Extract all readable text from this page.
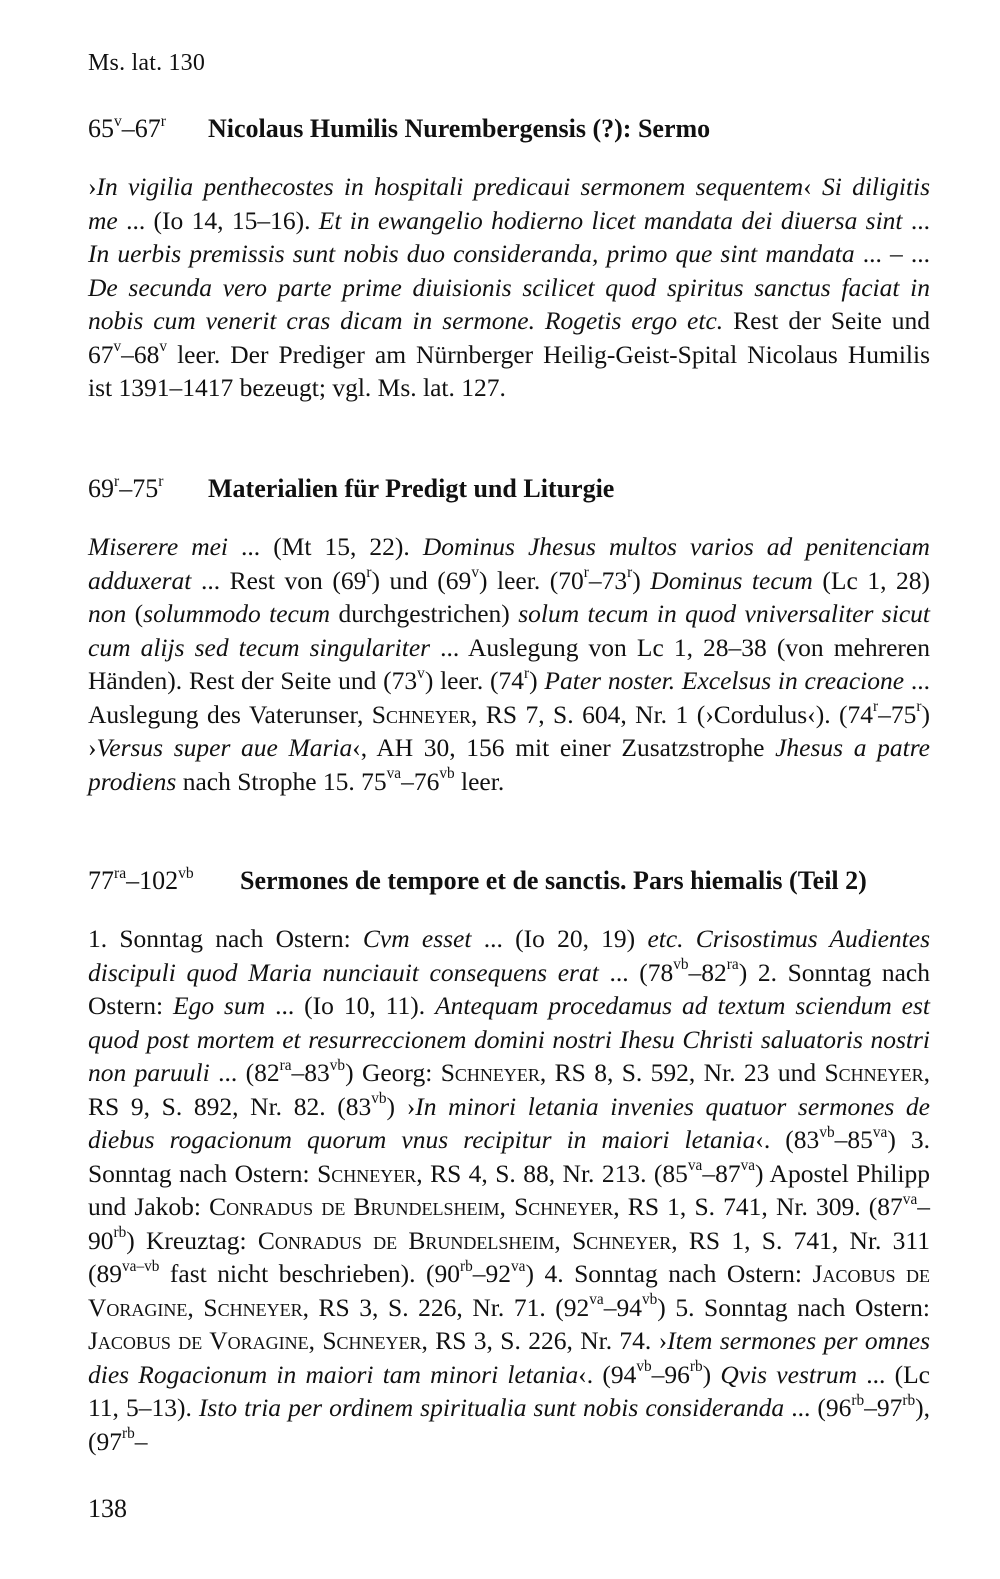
Ms. lat. 130
65$^v$–67$^r$ Nicolaus Humilis Nurembergensis (?): Sermo
›In vigilia penthecostes in hospitali predicaui sermonem sequentem‹ Si diligitis me ... (Io 14, 15–16). Et in ewangelio hodierno licet mandata dei diuersa sint ... In uerbis premissis sunt nobis duo consideranda, primo que sint mandata ... – ... De secunda vero parte prime diuisionis scilicet quod spiritus sanctus faciat in nobis cum venerit cras dicam in sermone. Rogetis ergo etc. Rest der Seite und 67$^v$–68$^v$ leer. Der Prediger am Nürnberger Heilig-Geist-Spital Nicolaus Humilis ist 1391–1417 bezeugt; vgl. Ms. lat. 127.
69$^r$–75$^r$ Materialien für Predigt und Liturgie
Miserere mei ... (Mt 15, 22). Dominus Jhesus multos varios ad penitenciam adduxerat ... Rest von (69$^r$) und (69$^v$) leer. (70$^r$–73$^r$) Dominus tecum (Lc 1, 28) non (solummodo tecum durchgestrichen) solum tecum in quod vniversaliter sicut cum alijs sed tecum singulariter ... Auslegung von Lc 1, 28–38 (von mehreren Händen). Rest der Seite und (73$^v$) leer. (74$^r$) Pater noster. Excelsus in creacione ... Auslegung des Vaterunser, Schneyer, RS 7, S. 604, Nr. 1 (›Cordulus‹). (74$^r$–75$^r$) ›Versus super aue Maria‹, AH 30, 156 mit einer Zusatzstrophe Jhesus a patre prodiens nach Strophe 15. $75^{va}-76^{vb}$ leer.
$77^{ra}-102^{vb}$ Sermones de tempore et de sanctis. Pars hiemalis (Teil 2)
1. Sonntag nach Ostern: Cvm esset ... (Io 20, 19) etc. Crisostimus Audientes discipuli quod Maria nunciauit consequens erat ... $(78^{vb}-82^{ra})$ 2. Sonntag nach Ostern: Ego sum ... (Io 10, 11). Antequam procedamus ad textum sciendum est quod post mortem et resurreccionem domini nostri Ihesu Christi saluatoris nostri non paruuli ... $(82^{ra}-83^{vb})$ Georg: Schneyer, RS 8, S. 592, Nr. 23 und Schneyer, RS 9, S. 892, Nr. 82. $(83^{vb})$ ›In minori letania invenies quatuor sermones de diebus rogacionum quorum vnus recipitur in maiori letania‹. $(83^{vb}-85^{va})$ 3. Sonntag nach Ostern: Schneyer, RS 4, S. 88, Nr. 213. $(85^{va}-87^{va})$ Apostel Philipp und Jakob: Conradus de Brundelsheim, Schneyer, RS 1, S. 741, Nr. 309. $(87^{va}-90^{rb})$ Kreuztag: Conradus de Brundelsheim, Schneyer, RS 1, S. 741, Nr. 311 ($89^{va-vb}$ fast nicht beschrieben). $(90^{rb}-92^{va})$ 4. Sonntag nach Ostern: Jacobus de Voragine, Schneyer, RS 3, S. 226, Nr. 71. $(92^{va}-94^{vb})$ 5. Sonntag nach Ostern: Jacobus de Voragine, Schneyer, RS 3, S. 226, Nr. 74. ›Item sermones per omnes dies Rogacionum in maiori tam minori letania‹. $(94^{vb}-96^{rb})$ Qvis vestrum ... (Lc 11, 5–13). Isto tria per ordinem spiritualia sunt nobis consideranda ... $(96^{rb}-97^{rb})$, ($97^{rb}-$
138
